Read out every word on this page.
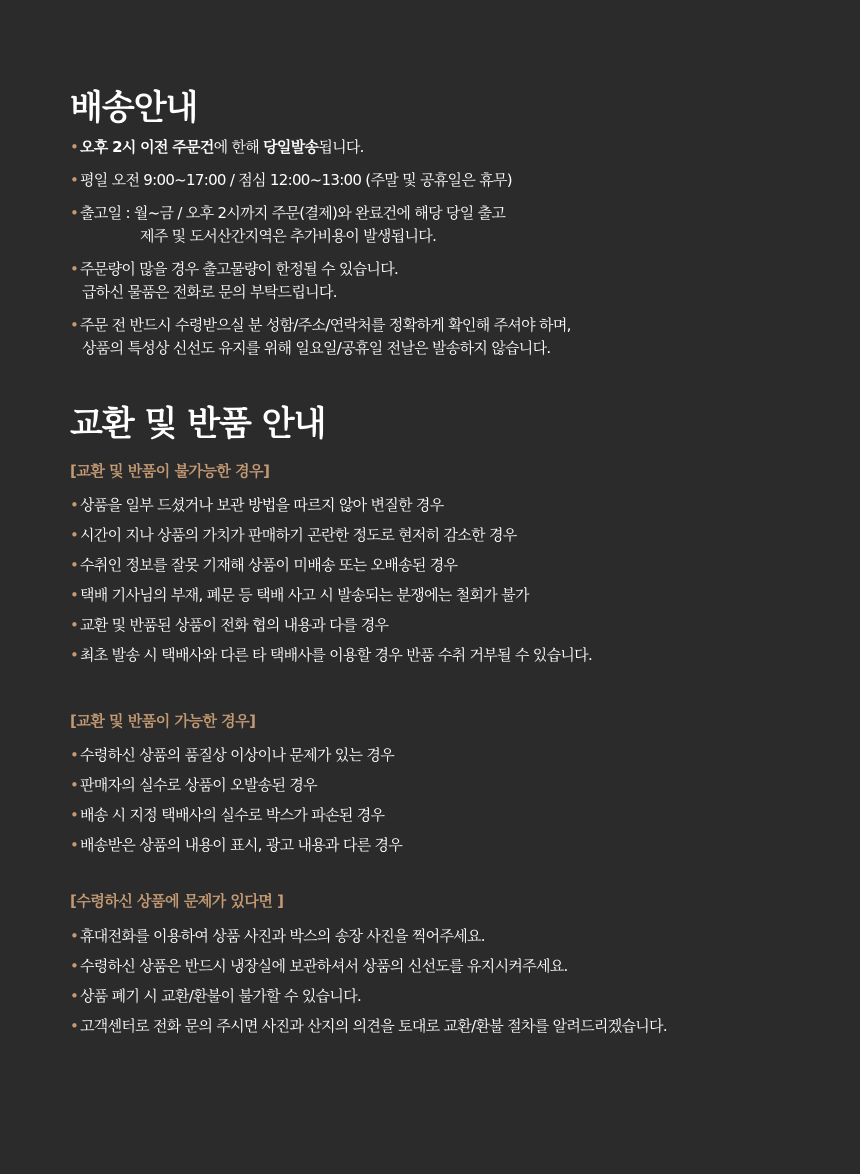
배송안내
• 오후 2시 이전 주문건에 한해 당일발송됩니다.
• 평일 오전 9:00~17:00 / 점심 12:00~13:00 (주말 및 공휴일은 휴무)
• 출고일 : 월~금 / 오후 2시까지 주문(결제)와 완료건에 해당 당일 출고
제주 및 도서산간지역은 추가비용이 발생됩니다.
• 주문량이 많을 경우 출고물량이 한정될 수 있습니다.
급하신 물품은 전화로 문의 부탁드립니다.
• 주문 전 반드시 수령받으실 분 성함/주소/연락처를 정확하게 확인해 주셔야 하며,
상품의 특성상 신선도 유지를 위해 일요일/공휴일 전날은 발송하지 않습니다.
교환 및 반품 안내
[교환 및 반품이 불가능한 경우]
• 상품을 일부 드셨거나 보관 방법을 따르지 않아 변질한 경우
• 시간이 지나 상품의 가치가 판매하기 곤란한 정도로 현저히 감소한 경우
• 수취인 정보를 잘못 기재해 상품이 미배송 또는 오배송된 경우
• 택배 기사님의 부재, 폐문 등 택배 사고 시 발송되는 분쟁에는 철회가 불가
• 교환 및 반품된 상품이 전화 협의 내용과 다를 경우
• 최초 발송 시 택배사와 다른 타 택배사를 이용할 경우 반품 수취 거부될 수 있습니다.
[교환 및 반품이 가능한 경우]
• 수령하신 상품의 품질상 이상이나 문제가 있는 경우
• 판매자의 실수로 상품이 오발송된 경우
• 배송 시 지정 택배사의 실수로 박스가 파손된 경우
• 배송받은 상품의 내용이 표시, 광고 내용과 다른 경우
[수령하신 상품에 문제가 있다면 ]
• 휴대전화를 이용하여 상품 사진과 박스의 송장 사진을 찍어주세요.
• 수령하신 상품은 반드시 냉장실에 보관하셔서 상품의 신선도를 유지시켜주세요.
• 상품 폐기 시 교환/환불이 불가할 수 있습니다.
• 고객센터로 전화 문의 주시면 사진과 산지의 의견을 토대로 교환/환불 절차를 알려드리겠습니다.
